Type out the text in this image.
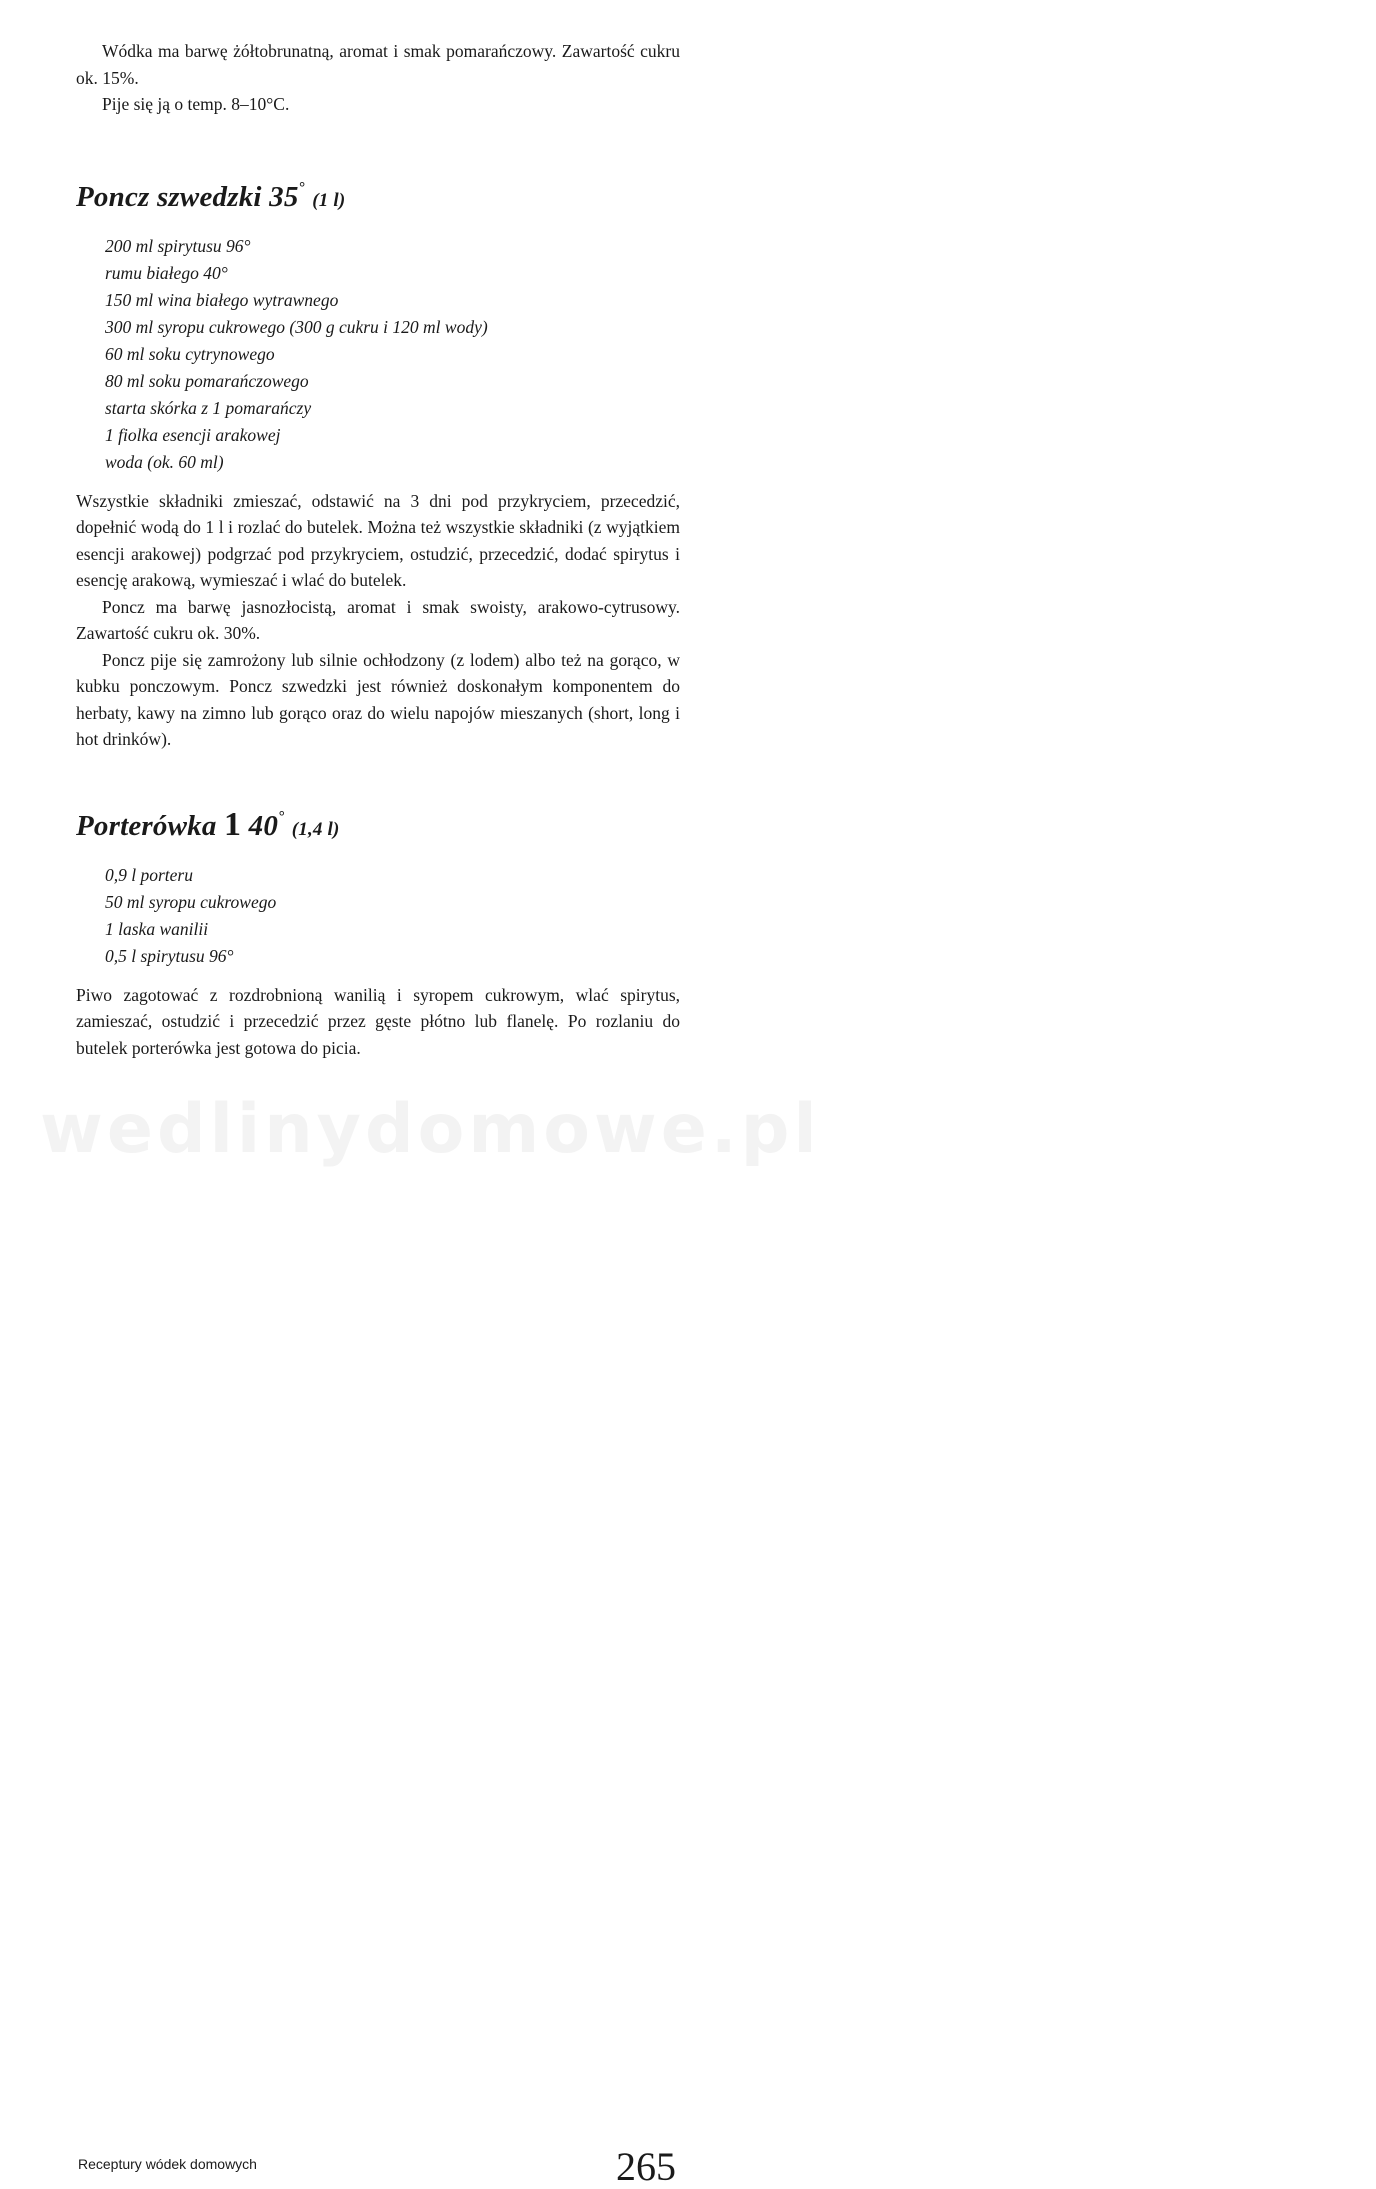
wedlinydomowe.pl

Wódka ma barwę żółtobrunatną, aromat i smak pomarańczowy. Zawartość cukru ok. 15%.

Pije się ją o temp. 8–10°C.

Poncz szwedzki 35° (1 l)
200 ml spirytusu 96°
rumu białego 40°
150 ml wina białego wytrawnego
300 ml syropu cukrowego (300 g cukru i 120 ml wody)
60 ml soku cytrynowego
80 ml soku pomarańczowego
starta skórka z 1 pomarańczy
1 fiolka esencji arakowej
woda (ok. 60 ml)

Wszystkie składniki zmieszać, odstawić na 3 dni pod przykryciem, przecedzić, dopełnić wodą do 1 l i rozlać do butelek. Można też wszystkie składniki (z wyjątkiem esencji arakowej) podgrzać pod przykryciem, ostudzić, przecedzić, dodać spirytus i esencję arakową, wymieszać i wlać do butelek.

Poncz ma barwę jasnozłocistą, aromat i smak swoisty, arakowo-cytrusowy. Zawartość cukru ok. 30%.

Poncz pije się zamrożony lub silnie ochłodzony (z lodem) albo też na gorąco, w kubku ponczowym. Poncz szwedzki jest również doskonałym komponentem do herbaty, kawy na zimno lub gorąco oraz do wielu napojów mieszanych (short, long i hot drinków).

Porterówka 1 40° (1,4 l)
0,9 l porteru
50 ml syropu cukrowego
1 laska wanilii
0,5 l spirytusu 96°

Piwo zagotować z rozdrobnioną wanilią i syropem cukrowym, wlać spirytus, zamieszać, ostudzić i przecedzić przez gęste płótno lub flanelę. Po rozlaniu do butelek porterówka jest gotowa do picia.

Receptury wódek domowych	265
